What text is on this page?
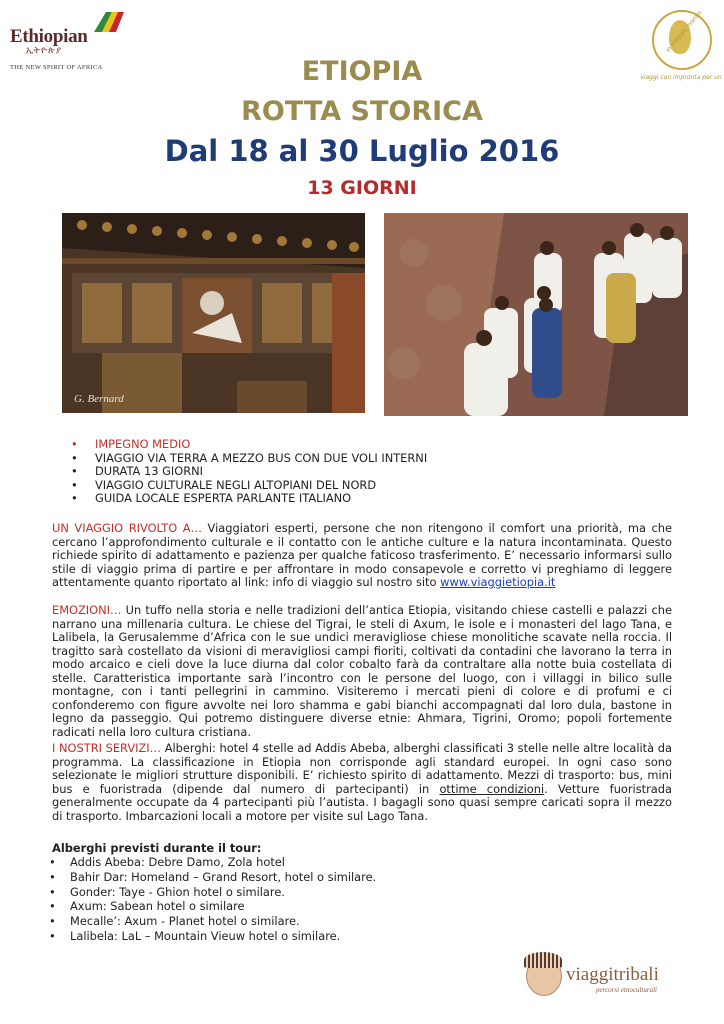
Ethiopian
ኢትዮጵያ
THE NEW SPIRIT OF AFRICA
in viaggio mondo
viaggi con impronta per un
ETIOPIA
ROTTA STORICA
Dal 18 al 30 Luglio 2016
13 GIORNI
G. Bernard
• IMPEGNO MEDIO
• VIAGGIO VIA TERRA A MEZZO BUS CON DUE VOLI INTERNI
• DURATA 13 GIORNI
• VIAGGIO CULTURALE NEGLI ALTOPIANI DEL NORD
• GUIDA LOCALE ESPERTA PARLANTE ITALIANO

UN VIAGGIO RIVOLTO A… Viaggiatori esperti, persone che non ritengono il comfort una priorità, ma che cercano l’approfondimento culturale e il contatto con le antiche culture e la natura incontaminata. Questo richiede spirito di adattamento e pazienza per qualche faticoso trasferimento. E’ necessario informarsi sullo stile di viaggio prima di partire e per affrontare in modo consapevole e corretto vi preghiamo di leggere attentamente quanto riportato al link: info di viaggio sul nostro sito www.viaggietiopia.it

EMOZIONI… Un tuffo nella storia e nelle tradizioni dell’antica Etiopia, visitando chiese castelli e palazzi che narrano una millenaria cultura. Le chiese del Tigrai, le steli di Axum, le isole e i monasteri del lago Tana, e Lalibela, la Gerusalemme d’Africa con le sue undici meravigliose chiese monolitiche scavate nella roccia. Il tragitto sarà costellato da visioni di meravigliosi campi fioriti, coltivati da contadini che lavorano la terra in modo arcaico e cieli dove la luce diurna dal color cobalto farà da contraltare alla notte buia costellata di stelle. Caratteristica importante sarà l’incontro con le persone del luogo, con i villaggi in bilico sulle montagne, con i tanti pellegrini in cammino. Visiteremo i mercati pieni di colore e di profumi e ci confonderemo con figure avvolte nei loro shamma e gabi bianchi accompagnati dal loro dula, bastone in legno da passeggio. Qui potremo distinguere diverse etnie: Ahmara, Tigrini, Oromo; popoli fortemente radicati nella loro cultura cristiana.

I NOSTRI SERVIZI… Alberghi: hotel 4 stelle ad Addis Abeba, alberghi classificati 3 stelle nelle altre località da programma. La classificazione in Etiopia non corrisponde agli standard europei. In ogni caso sono selezionate le migliori strutture disponibili. E’ richiesto spirito di adattamento. Mezzi di trasporto: bus, mini bus e fuoristrada (dipende dal numero di partecipanti) in ottime condizioni. Vetture fuoristrada generalmente occupate da 4 partecipanti più l’autista. I bagagli sono quasi sempre caricati sopra il mezzo di trasporto. Imbarcazioni locali a motore per visite sul Lago Tana.

Alberghi previsti durante il tour:
• Addis Abeba: Debre Damo, Zola hotel
• Bahir Dar: Homeland – Grand Resort, hotel o similare.
• Gonder: Taye - Ghion hotel o similare.
• Axum: Sabean hotel o similare
• Mecalle’: Axum - Planet hotel o similare.
• Lalibela: LaL – Mountain Vieuw hotel o similare.
viaggitribali
percorsi etnoculturali
